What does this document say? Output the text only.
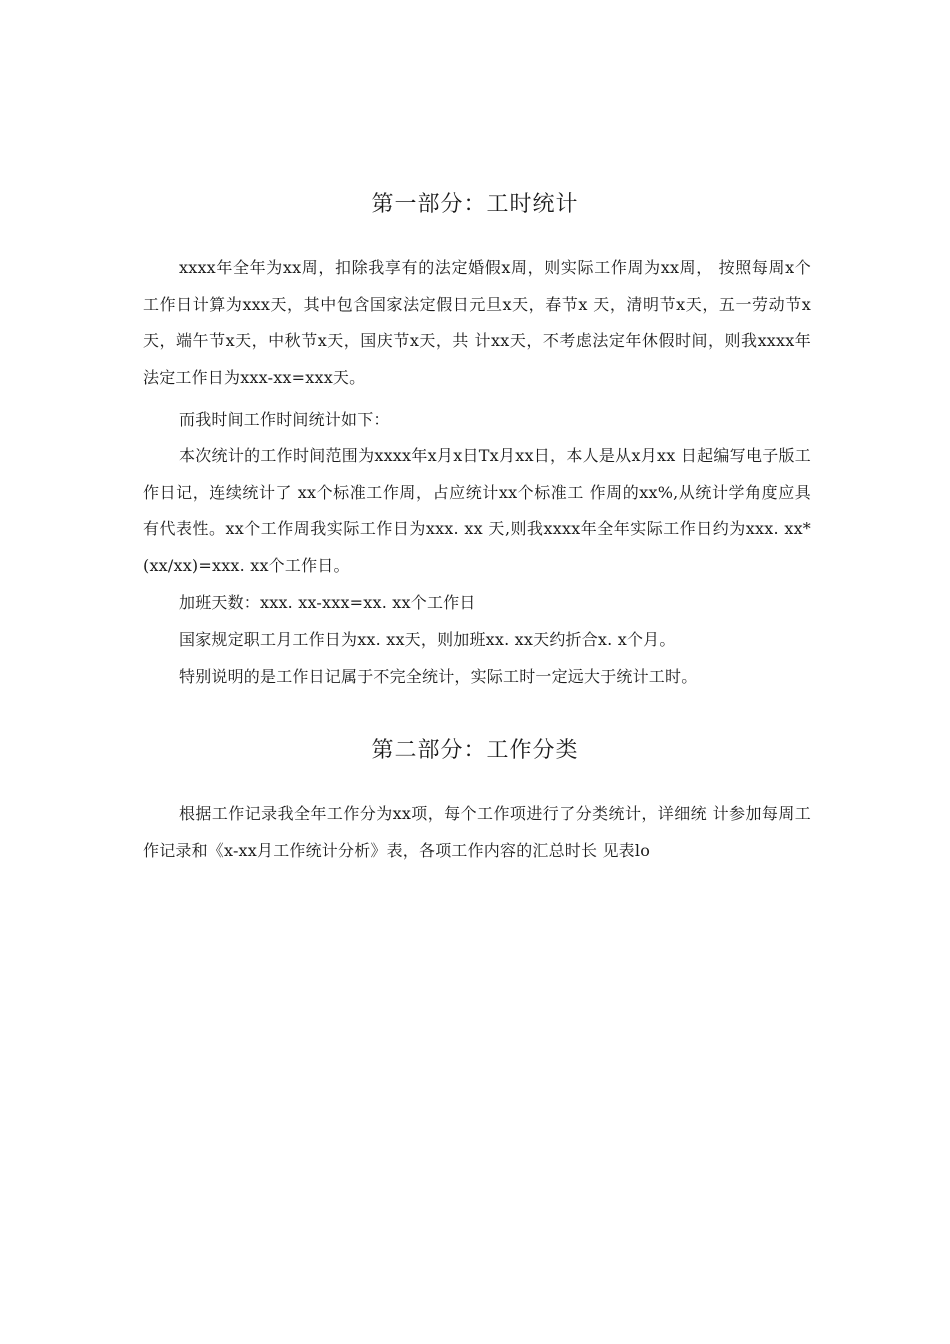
第一部分：工时统计

xxxx年全年为xx周，扣除我享有的法定婚假x周，则实际工作周为xx周， 按照每周x个工作日计算为xxx天，其中包含国家法定假日元旦x天，春节x 天，清明节x天，五一劳动节x天，端午节x天，中秋节x天，国庆节x天，共 计xx天，不考虑法定年休假时间，则我xxxx年法定工作日为xxx-xx=xxx天。

而我时间工作时间统计如下：

本次统计的工作时间范围为xxxx年x月x日Tx月xx日，本人是从x月xx 日起编写电子版工作日记，连续统计了 xx个标准工作周，占应统计xx个标准工 作周的xx%,从统计学角度应具有代表性。xx个工作周我实际工作日为xxx. xx 天,则我xxxx年全年实际工作日约为xxx. xx*(xx/xx)=xxx. xx个工作日。

加班天数：xxx. xx-xxx=xx. xx个工作日

国家规定职工月工作日为xx. xx天，则加班xx. xx天约折合x. x个月。

特别说明的是工作日记属于不完全统计，实际工时一定远大于统计工时。

第二部分：工作分类

根据工作记录我全年工作分为xx项，每个工作项进行了分类统计，详细统 计参加每周工作记录和《x-xx月工作统计分析》表，各项工作内容的汇总时长 见表lo
